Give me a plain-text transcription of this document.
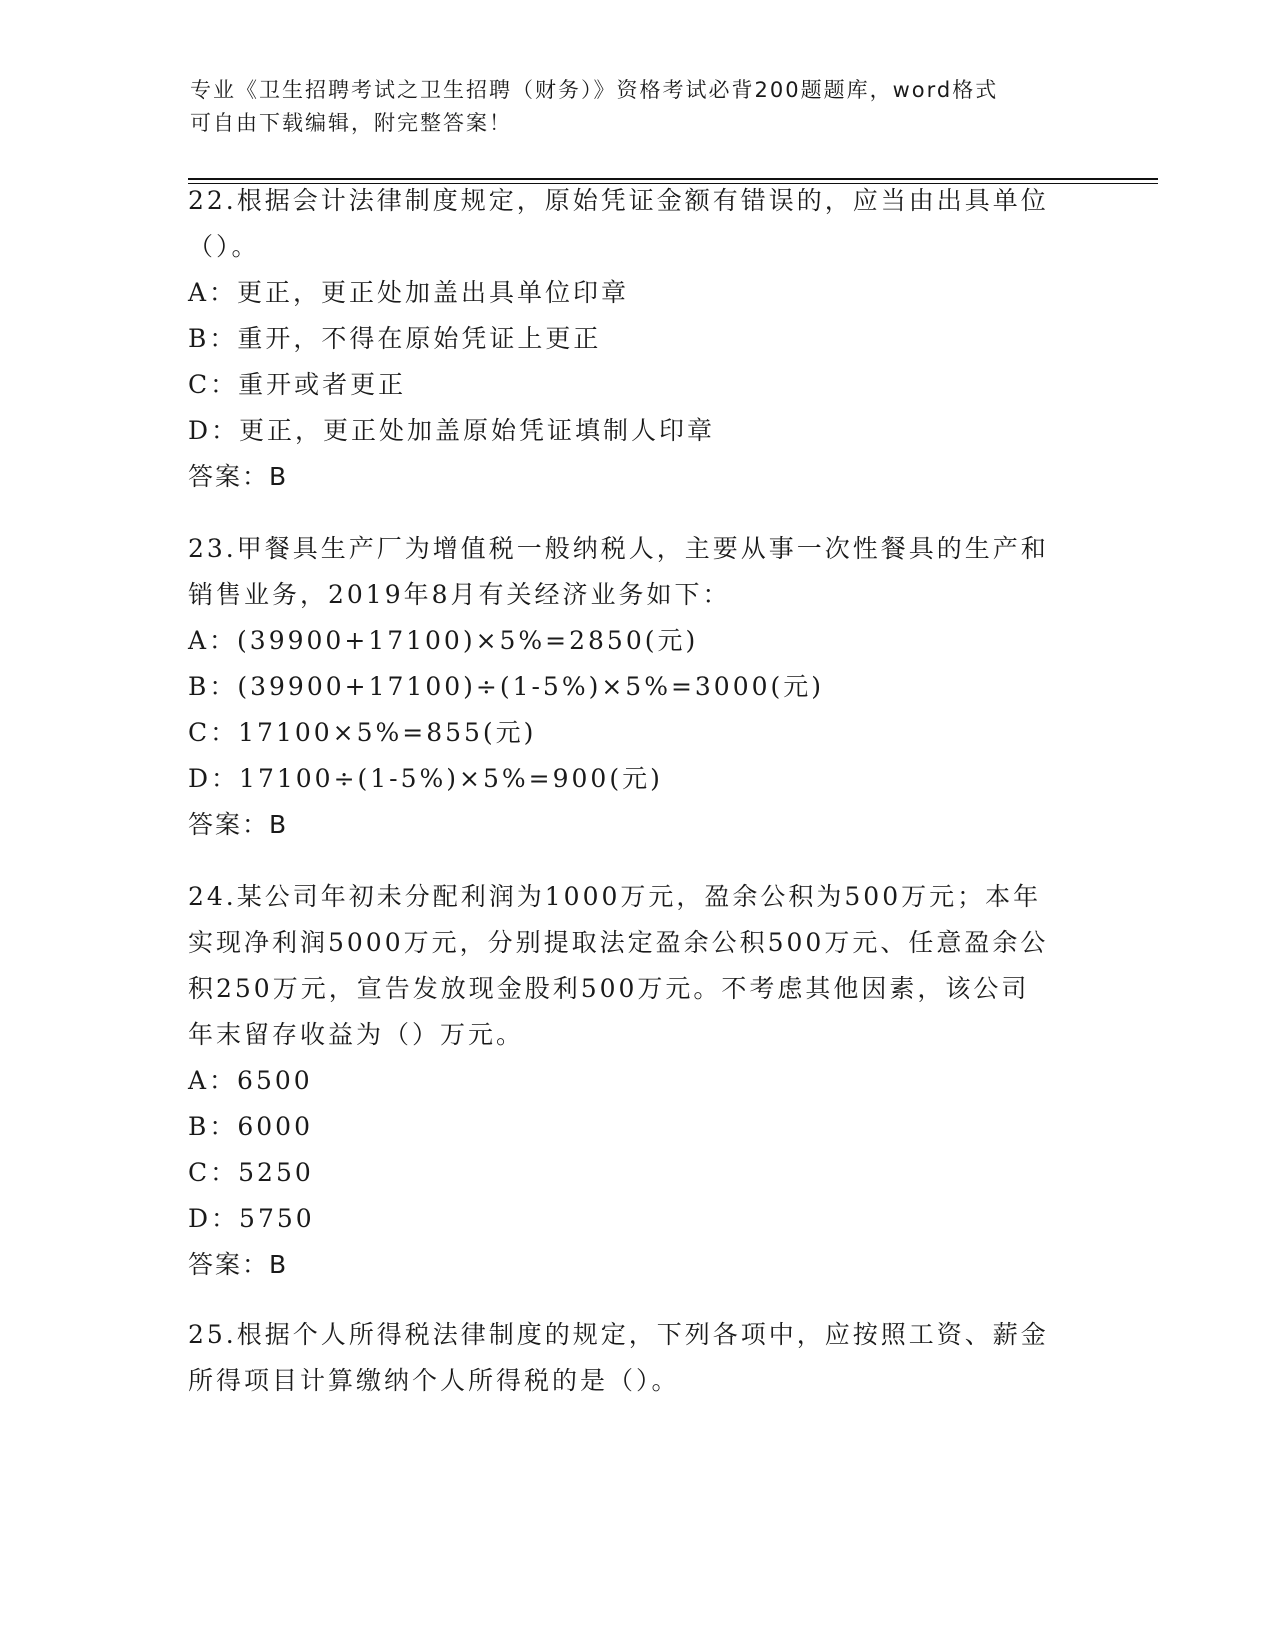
专业《卫生招聘考试之卫生招聘（财务）》资格考试必背200题题库，word格式
可自由下载编辑，附完整答案！
22.根据会计法律制度规定，原始凭证金额有错误的，应当由出具单位
（）。
A：更正，更正处加盖出具单位印章
B：重开，不得在原始凭证上更正
C：重开或者更正
D：更正，更正处加盖原始凭证填制人印章
答案：B
23.甲餐具生产厂为增值税一般纳税人，主要从事一次性餐具的生产和
销售业务，2019年8月有关经济业务如下：
A：(39900+17100)×5%=2850(元)
B：(39900+17100)÷(1-5%)×5%=3000(元)
C：17100×5%=855(元)
D：17100÷(1-5%)×5%=900(元)
答案：B
24.某公司年初未分配利润为1000万元，盈余公积为500万元；本年
实现净利润5000万元，分别提取法定盈余公积500万元、任意盈余公
积250万元，宣告发放现金股利500万元。不考虑其他因素，该公司
年末留存收益为（）万元。
A：6500
B：6000
C：5250
D：5750
答案：B
25.根据个人所得税法律制度的规定，下列各项中，应按照工资、薪金
所得项目计算缴纳个人所得税的是（）。
